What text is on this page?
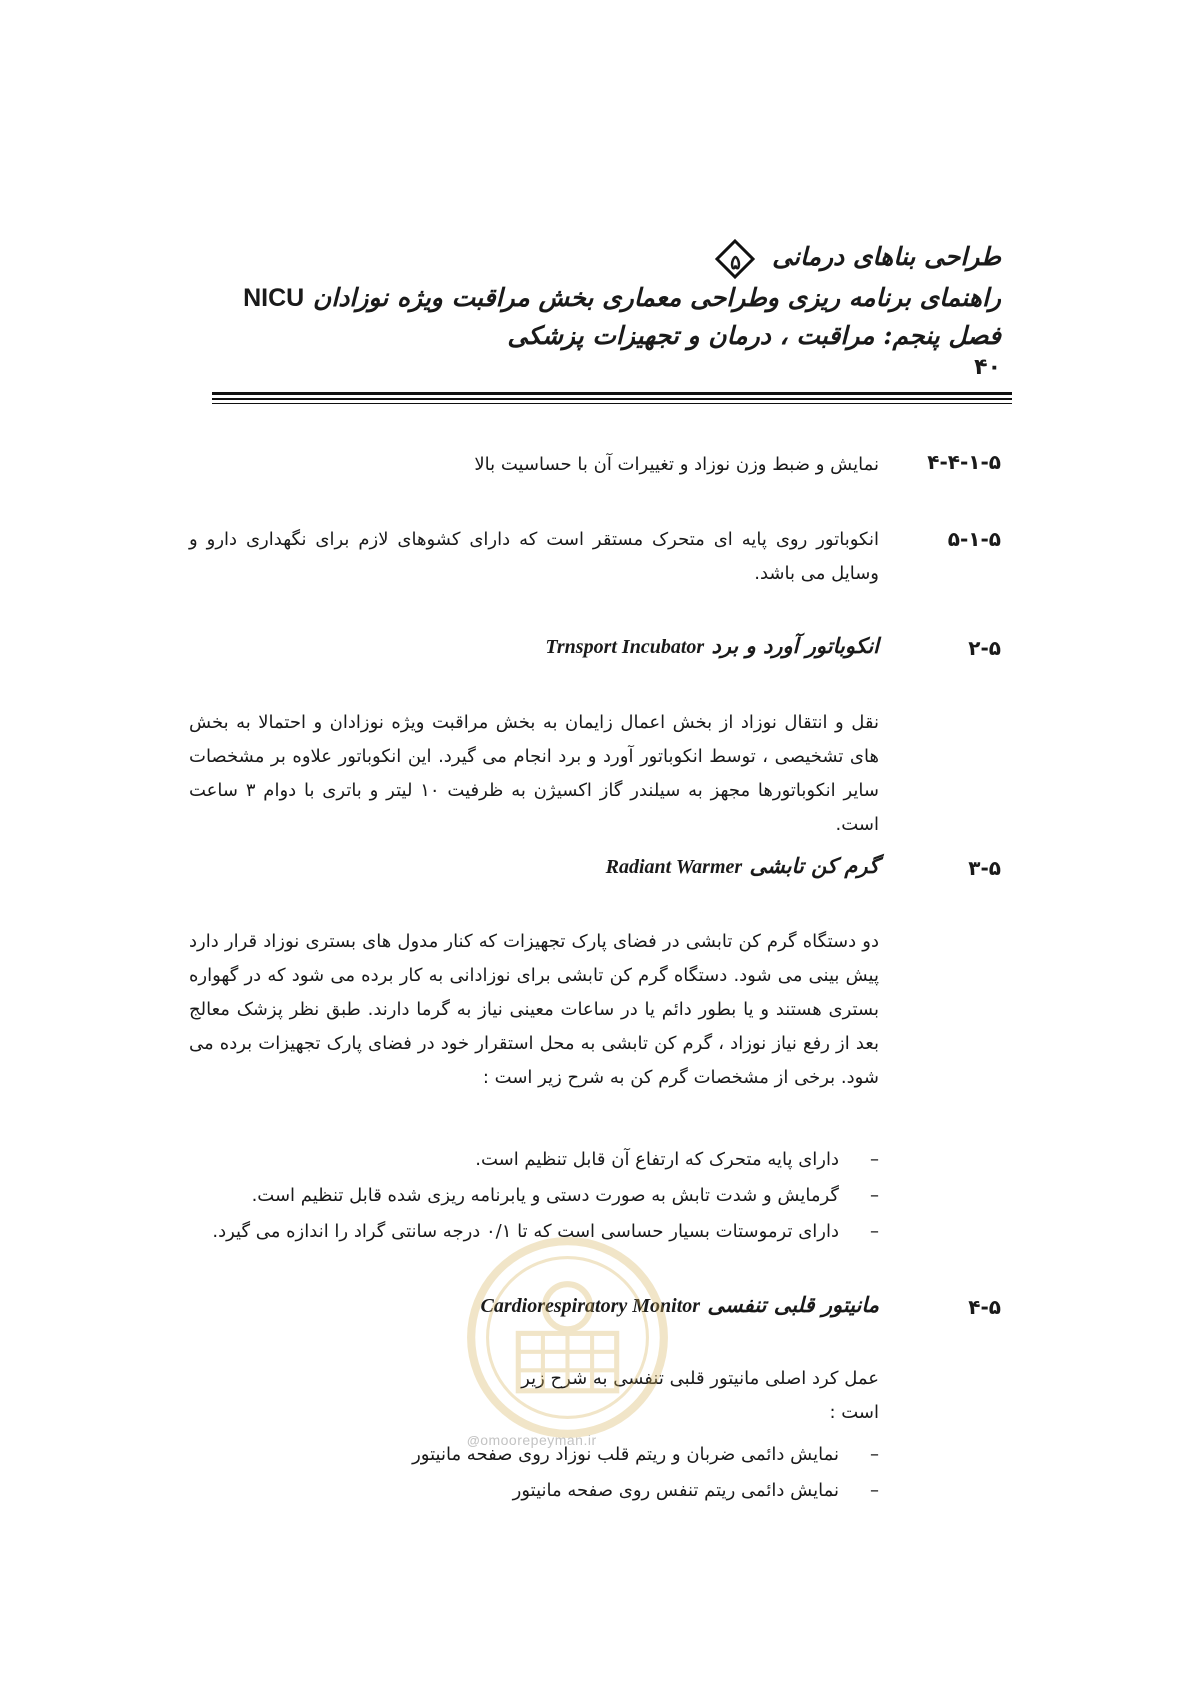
طراحی بناهای درمانی
۵
راهنمای برنامه ریزی وطراحی معماری بخش مراقبت ویژه نوزادان NICU
فصل پنجم: مراقبت ، درمان و تجهیزات پزشکی
۴۰
۴-۴-۱-۵
نمایش و ضبط وزن نوزاد و تغییرات آن با حساسیت بالا
۵-۱-۵
انکوباتور روی پایه ای متحرک مستقر است که دارای کشوهای لازم برای نگهداری دارو و وسایل می باشد.
۲-۵
انکوباتور آورد و برد Trnsport Incubator
نقل و انتقال نوزاد از بخش اعمال زایمان به بخش مراقبت ویژه نوزادان و احتمالا به بخش های تشخیصی ، توسط انکوباتور آورد و برد انجام می گیرد. این انکوباتور علاوه بر مشخصات سایر انکوباتورها مجهز به سیلندر گاز اکسیژن به ظرفیت ۱۰ لیتر و باتری با دوام ۳ ساعت است.
۳-۵
گرم کن تابشی Radiant Warmer
دو دستگاه گرم کن تابشی در فضای پارک تجهیزات که کنار مدول های بستری نوزاد قرار دارد پیش بینی می شود. دستگاه گرم کن تابشی برای نوزادانی به کار برده می شود که در گهواره بستری هستند و یا بطور دائم یا در ساعات معینی نیاز به گرما دارند. طبق نظر پزشک معالج بعد از رفع نیاز نوزاد ، گرم کن تابشی به محل استقرار خود در فضای پارک تجهیزات برده می شود. برخی از مشخصات گرم کن به شرح زیر است :
–
دارای پایه متحرک که ارتفاع آن قابل تنظیم است.
–
گرمایش و شدت تابش به صورت دستی و یابرنامه ریزی شده قابل تنظیم است.
–
دارای ترموستات بسیار حساسی است که تا ۰/۱ درجه سانتی گراد را اندازه می گیرد.
۴-۵
مانیتور قلبی تنفسی Cardiorespiratory Monitor
عمل کرد اصلی مانیتور قلبی تنفسی به شرح زیر است :
–
نمایش دائمی ضربان و ریتم قلب نوزاد روی صفحه مانیتور
–
نمایش دائمی ریتم تنفس روی صفحه مانیتور
@omoorepeyman.ir
